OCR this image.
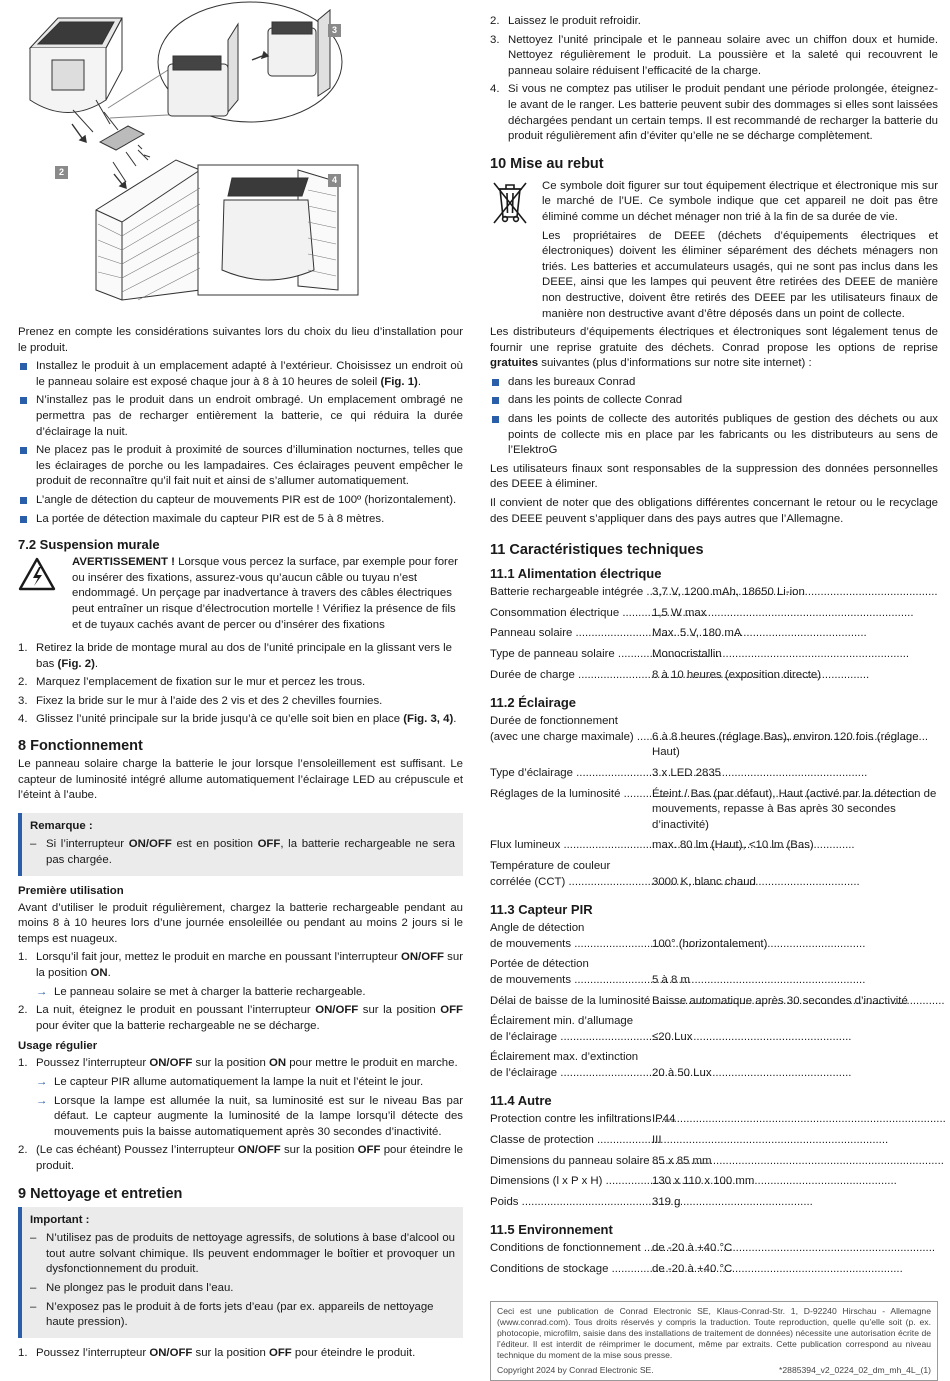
3
2
4

Prenez en compte les considérations suivantes lors du choix du lieu d’installation pour le produit.

Installez le produit à un emplacement adapté à l’extérieur. Choisissez un endroit où le panneau solaire est exposé chaque jour à 8 à 10 heures de soleil (Fig. 1).
N’installez pas le produit dans un endroit ombragé. Un emplacement ombragé ne permettra pas de recharger entièrement la batterie, ce qui réduira la durée d’éclairage la nuit.
Ne placez pas le produit à proximité de sources d’illumination nocturnes, telles que les éclairages de porche ou les lampadaires. Ces éclairages peuvent empêcher le produit de reconnaître qu’il fait nuit et ainsi de s’allumer automatiquement.
L’angle de détection du capteur de mouvements PIR est de 100º (horizontalement).
La portée de détection maximale du capteur PIR est de 5 à 8 mètres.
7.2 Suspension murale
AVERTISSEMENT ! Lorsque vous percez la surface, par exemple pour forer ou insérer des fixations, assurez-vous qu’aucun câble ou tuyau n’est endommagé. Un perçage par inadvertance à travers des câbles électriques peut entraîner un risque d’électrocution mortelle ! Vérifiez la présence de fils et de tuyaux cachés avant de percer ou d’insérer des fixations
1. Retirez la bride de montage mural au dos de l’unité principale en la glissant vers le bas (Fig. 2).
2. Marquez l’emplacement de fixation sur le mur et percez les trous.
3. Fixez la bride sur le mur à l’aide des 2 vis et des 2 chevilles fournies.
4. Glissez l’unité principale sur la bride jusqu’à ce qu’elle soit bien en place (Fig. 3, 4).
8 Fonctionnement

Le panneau solaire charge la batterie le jour lorsque l’ensoleillement est suffisant. Le capteur de luminosité intégré allume automatiquement l’éclairage LED au crépuscule et l’éteint à l’aube.

Remarque :
– Si l’interrupteur ON/OFF est en position OFF, la batterie rechargeable ne sera pas chargée.
Première utilisation

Avant d’utiliser le produit régulièrement, chargez la batterie rechargeable pendant au moins 8 à 10 heures lors d’une journée ensoleillée ou pendant au moins 2 jours si le temps est nuageux.

1. Lorsqu’il fait jour, mettez le produit en marche en poussant l’interrupteur ON/OFF sur la position ON.
→ Le panneau solaire se met à charger la batterie rechargeable.
2. La nuit, éteignez le produit en poussant l’interrupteur ON/OFF sur la position OFF pour éviter que la batterie rechargeable ne se décharge.
Usage régulier
1. Poussez l’interrupteur ON/OFF sur la position ON pour mettre le produit en marche.
→ Le capteur PIR allume automatiquement la lampe la nuit et l’éteint le jour.
→ Lorsque la lampe est allumée la nuit, sa luminosité est sur le niveau Bas par défaut. Le capteur augmente la luminosité de la lampe lorsqu’il détecte des mouvements puis la baisse automatiquement après 30 secondes d’inactivité.
2. (Le cas échéant) Poussez l’interrupteur ON/OFF sur la position OFF pour éteindre le produit.
9 Nettoyage et entretien
Important :
– N’utilisez pas de produits de nettoyage agressifs, de solutions à base d’alcool ou tout autre solvant chimique. Ils peuvent endommager le boîtier et provoquer un dysfonctionnement du produit.
– Ne plongez pas le produit dans l’eau.
– N’exposez pas le produit à de forts jets d’eau (par ex. appareils de nettoyage haute pression).
1. Poussez l’interrupteur ON/OFF sur la position OFF pour éteindre le produit.
2. Laissez le produit refroidir.
3. Nettoyez l’unité principale et le panneau solaire avec un chiffon doux et humide. Nettoyez régulièrement le produit. La poussière et la saleté qui recouvrent le panneau solaire réduisent l’efficacité de la charge.
4. Si vous ne comptez pas utiliser le produit pendant une période prolongée, éteignez-le avant de le ranger. Les batterie peuvent subir des dommages si elles sont laissées déchargées pendant un certain temps. Il est recommandé de recharger la batterie du produit régulièrement afin d’éviter qu’elle ne se décharge complètement.
10 Mise au rebut

Ce symbole doit figurer sur tout équipement électrique et électronique mis sur le marché de l’UE. Ce symbole indique que cet appareil ne doit pas être éliminé comme un déchet ménager non trié à la fin de sa durée de vie.

Les propriétaires de DEEE (déchets d’équipements électriques et électroniques) doivent les éliminer séparément des déchets ménagers non triés. Les batteries et accumulateurs usagés, qui ne sont pas inclus dans les DEEE, ainsi que les lampes qui peuvent être retirées des DEEE de manière non destructive, doivent être retirés des DEEE par les utilisateurs finaux de manière non destructive avant d’être déposés dans un point de collecte.

Les distributeurs d’équipements électriques et électroniques sont légalement tenus de fournir une reprise gratuite des déchets. Conrad propose les options de reprise gratuites suivantes (plus d’informations sur notre site internet) :

dans les bureaux Conrad
dans les points de collecte Conrad
dans les points de collecte des autorités publiques de gestion des déchets ou aux points de collecte mis en place par les fabricants ou les distributeurs au sens de l’ElektroG

Les utilisateurs finaux sont responsables de la suppression des données personnelles des DEEE à éliminer.

Il convient de noter que des obligations différentes concernant le retour ou le recyclage des DEEE peuvent s’appliquer dans des pays autres que l’Allemagne.

11 Caractéristiques techniques
11.1 Alimentation électrique
Batterie rechargeable intégrée ..... 3,7 V, 1200 mAh, 18650 Li-ion
Consommation électrique .....	1,5 W max
Panneau solaire .....	Max. 5 V, 180 mA
Type de panneau solaire .....	Monocristallin
Durée de charge .....	8 à 10 heures (exposition directe)
11.2 Éclairage
Durée de fonctionnement
(avec une charge maximale) .....	6 à 8 heures (réglage Bas), environ 120 fois (réglage Haut)
Type d’éclairage .....	3 x LED 2835
Réglages de la luminosité .....	Éteint / Bas (par défaut), Haut (activé par la détection de mouvements, repasse à Bas après 30 secondes d’inactivité)
Flux lumineux .....	max. 80 lm (Haut), <10 lm (Bas)
Température de couleur
corrélée (CCT) .....	3000 K, blanc chaud
11.3 Capteur PIR
Angle de détection
de mouvements .....	100° (horizontalement)
Portée de détection
de mouvements .....	5 à 8 m
Délai de baisse de la luminosité ..... Baisse automatique après 30 secondes d’inactivité
Éclairement min. d’allumage
de l’éclairage .....	≤20 Lux
Éclairement max. d’extinction
de l’éclairage .....	20 à 50 Lux
11.4 Autre
Protection contre les infiltrations ..... IP44
Classe de protection .....	III
Dimensions du panneau solaire ..... 85 x 85 mm
Dimensions (l x P x H) .....	130 x 110 x 100 mm
Poids .....	319 g
11.5 Environnement
Conditions de fonctionnement ..... de -20 à +40 °C
Conditions de stockage .....	de -20 à +40 °C
Ceci est une publication de Conrad Electronic SE, Klaus-Conrad-Str. 1, D-92240 Hirschau - Allemagne (www.conrad.com). Tous droits réservés y compris la traduction. Toute reproduction, quelle qu’elle soit (p. ex. photocopie, microfilm, saisie dans des installations de traitement de données) nécessite une autorisation écrite de l’éditeur. Il est interdit de réimprimer le document, même par extraits. Cette publication correspond au niveau technique du moment de la mise sous presse.
Copyright 2024 by Conrad Electronic SE.	*2885394_v2_0224_02_dm_mh_4L_(1)
